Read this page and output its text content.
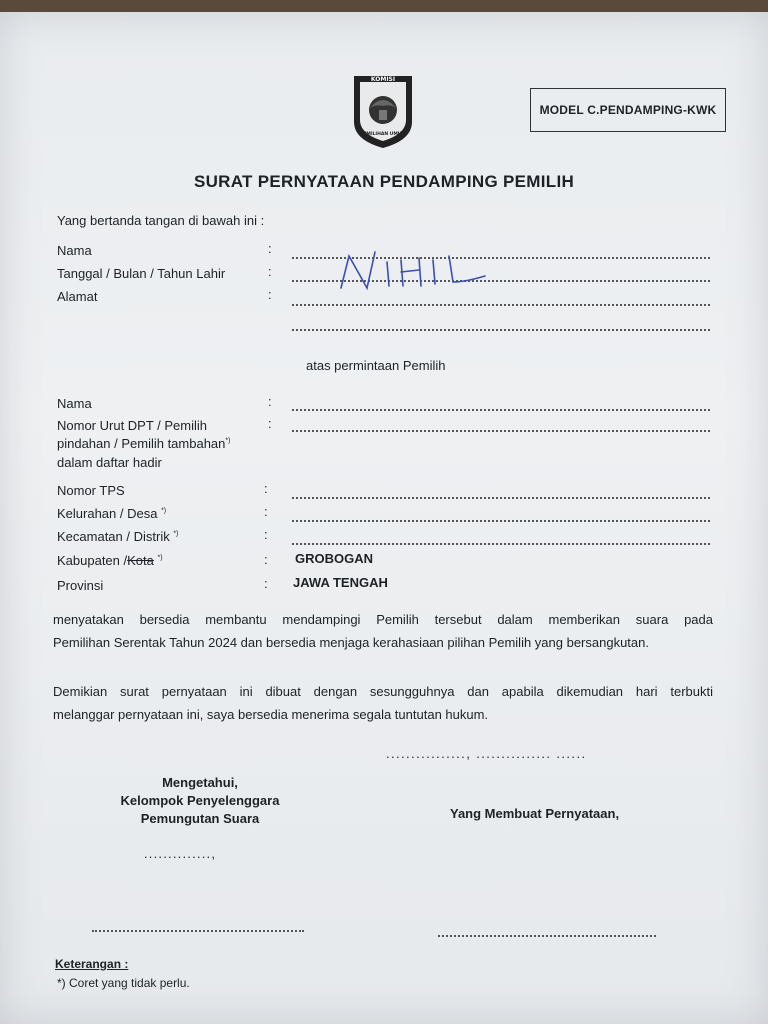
KOMISI
PEMILIHAN UMUM
MODEL C.PENDAMPING-KWK
SURAT PERNYATAAN PENDAMPING PEMILIH
Yang bertanda tangan di bawah ini :
Nama	:
Tanggal / Bulan / Tahun Lahir	:
Alamat	:
atas permintaan Pemilih
Nama	:
Nomor Urut DPT / Pemilih	:
pindahan / Pemilih tambahan*)
dalam daftar hadir
Nomor TPS	:
Kelurahan / Desa *)	:
Kecamatan / Distrik *)	:
Kabupaten /Kota *)	: GROBOGAN
Provinsi	: JAWA TENGAH
menyatakan bersedia membantu mendampingi Pemilih tersebut dalam memberikan suara pada
Pemilihan Serentak Tahun 2024 dan bersedia menjaga kerahasiaan pilihan Pemilih yang bersangkutan.
Demikian surat pernyataan ini dibuat dengan sesungguhnya dan apabila dikemudian hari terbukti
melanggar pernyataan ini, saya bersedia menerima segala tuntutan hukum.
................, ............... ......
Mengetahui,
Kelompok Penyelenggara
Pemungutan Suara
..............,
Yang Membuat Pernyataan,
Keterangan :
*) Coret yang tidak perlu.
